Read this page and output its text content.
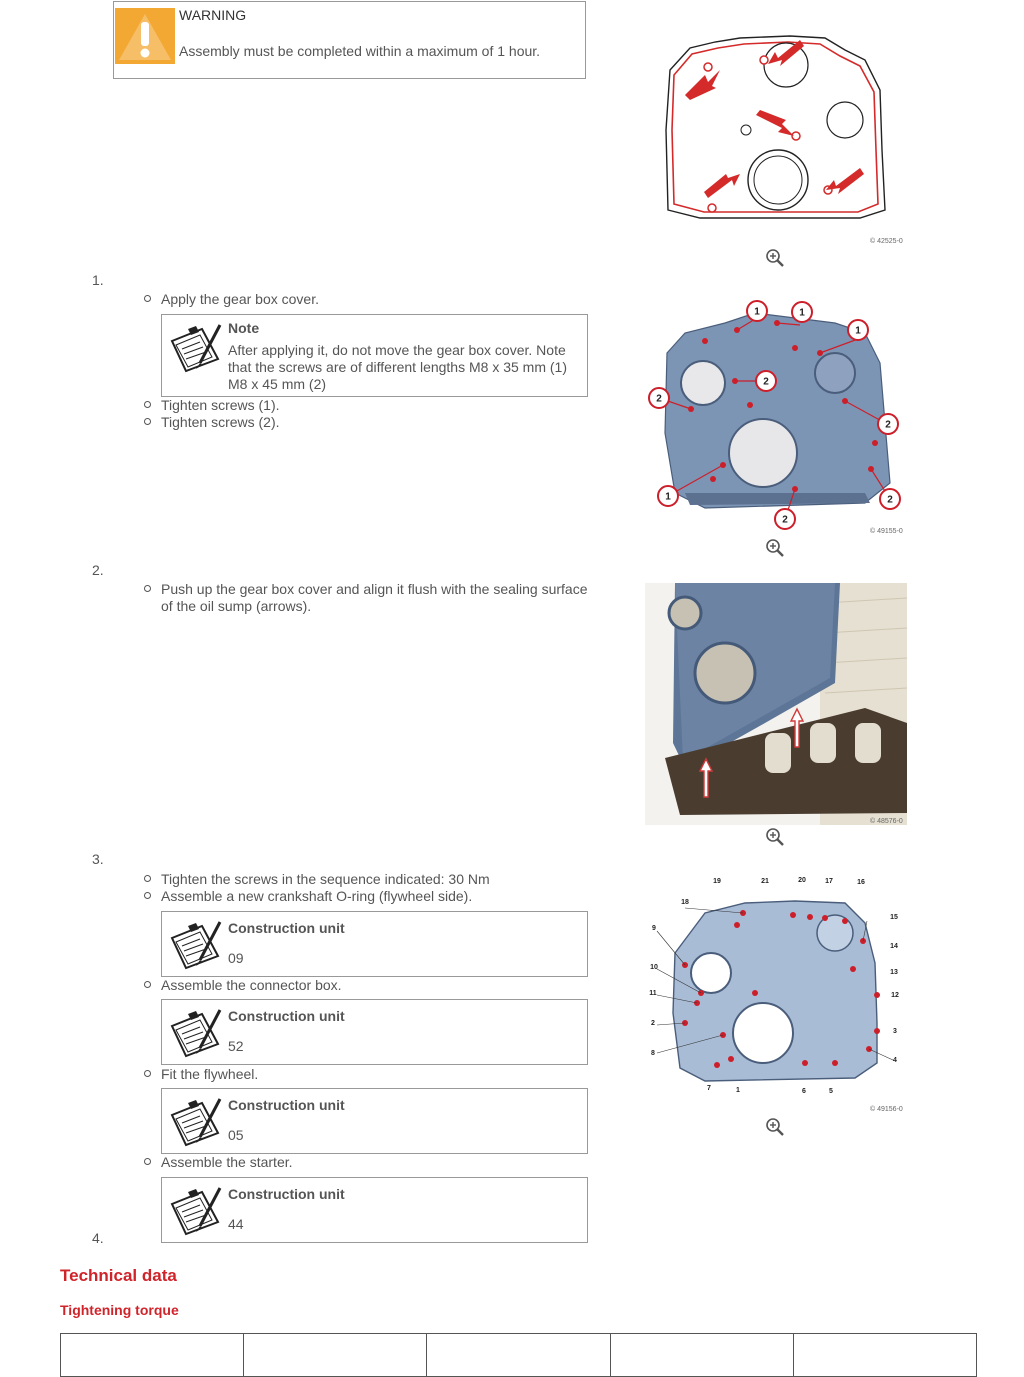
WARNING
Assembly must be completed within a maximum of 1 hour.
© 42525-0
1.
Apply the gear box cover.
Note
After applying it, do not move the gear box cover. Note
that the screws are of different lengths M8 x 35 mm (1)
M8 x 45 mm (2)
Tighten screws (1).
Tighten screws (2).
1	1
1
2
2
1
2
2
2
© 49155-0
2.
Push up the gear box cover and align it flush with the sealing surface
of the oil sump (arrows).
© 48576-0
3.
Tighten the screws in the sequence indicated: 30 Nm
Assemble a new crankshaft O-ring (flywheel side).
Construction unit
09
Assemble the connector box.
Construction unit
52
Fit the flywheel.
Construction unit
05
Assemble the starter.
Construction unit
44
19	21	20	17	16
18
15
9
14
13
10
12
11
2
3
8
4
7	1	6	5
© 49156-0
4.
Technical data
Tightening torque
